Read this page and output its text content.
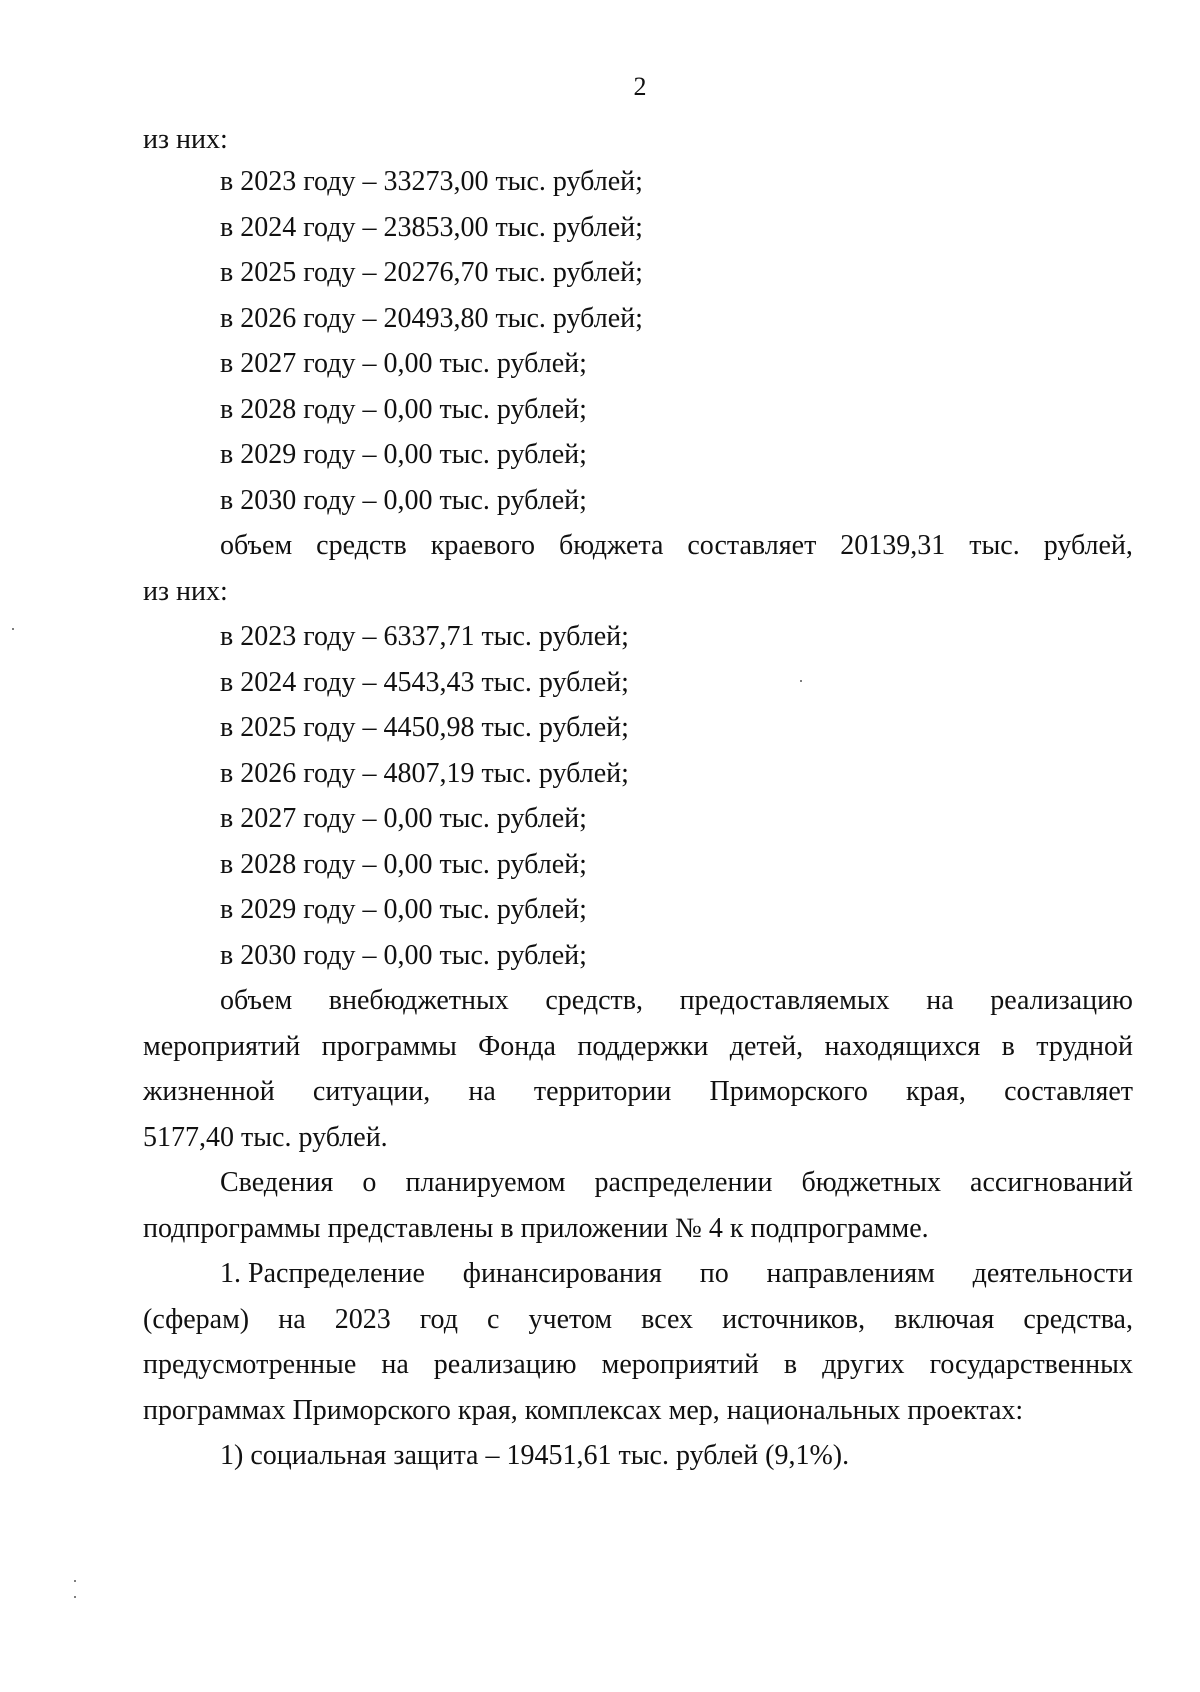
2
из них:
в 2023 году – 33273,00 тыс. рублей;
в 2024 году – 23853,00 тыс. рублей;
в 2025 году – 20276,70 тыс. рублей;
в 2026 году – 20493,80 тыс. рублей;
в 2027 году – 0,00 тыс. рублей;
в 2028 году – 0,00 тыс. рублей;
в 2029 году – 0,00 тыс. рублей;
в 2030 году – 0,00 тыс. рублей;
объем средств краевого бюджета составляет 20139,31 тыс. рублей,
из них:
в 2023 году – 6337,71 тыс. рублей;
в 2024 году – 4543,43 тыс. рублей;
в 2025 году – 4450,98 тыс. рублей;
в 2026 году – 4807,19 тыс. рублей;
в 2027 году – 0,00 тыс. рублей;
в 2028 году – 0,00 тыс. рублей;
в 2029 году – 0,00 тыс. рублей;
в 2030 году – 0,00 тыс. рублей;
объем внебюджетных средств, предоставляемых на реализацию
мероприятий программы Фонда поддержки детей, находящихся в трудной
жизненной ситуации, на территории Приморского края, составляет
5177,40 тыс. рублей.
Сведения о планируемом распределении бюджетных ассигнований
подпрограммы представлены в приложении № 4 к подпрограмме.
1. Распределение финансирования по направлениям деятельности
(сферам) на 2023 год с учетом всех источников, включая средства,
предусмотренные на реализацию мероприятий в других государственных
программах Приморского края, комплексах мер, национальных проектах:
1) социальная защита – 19451,61 тыс. рублей (9,1%).
